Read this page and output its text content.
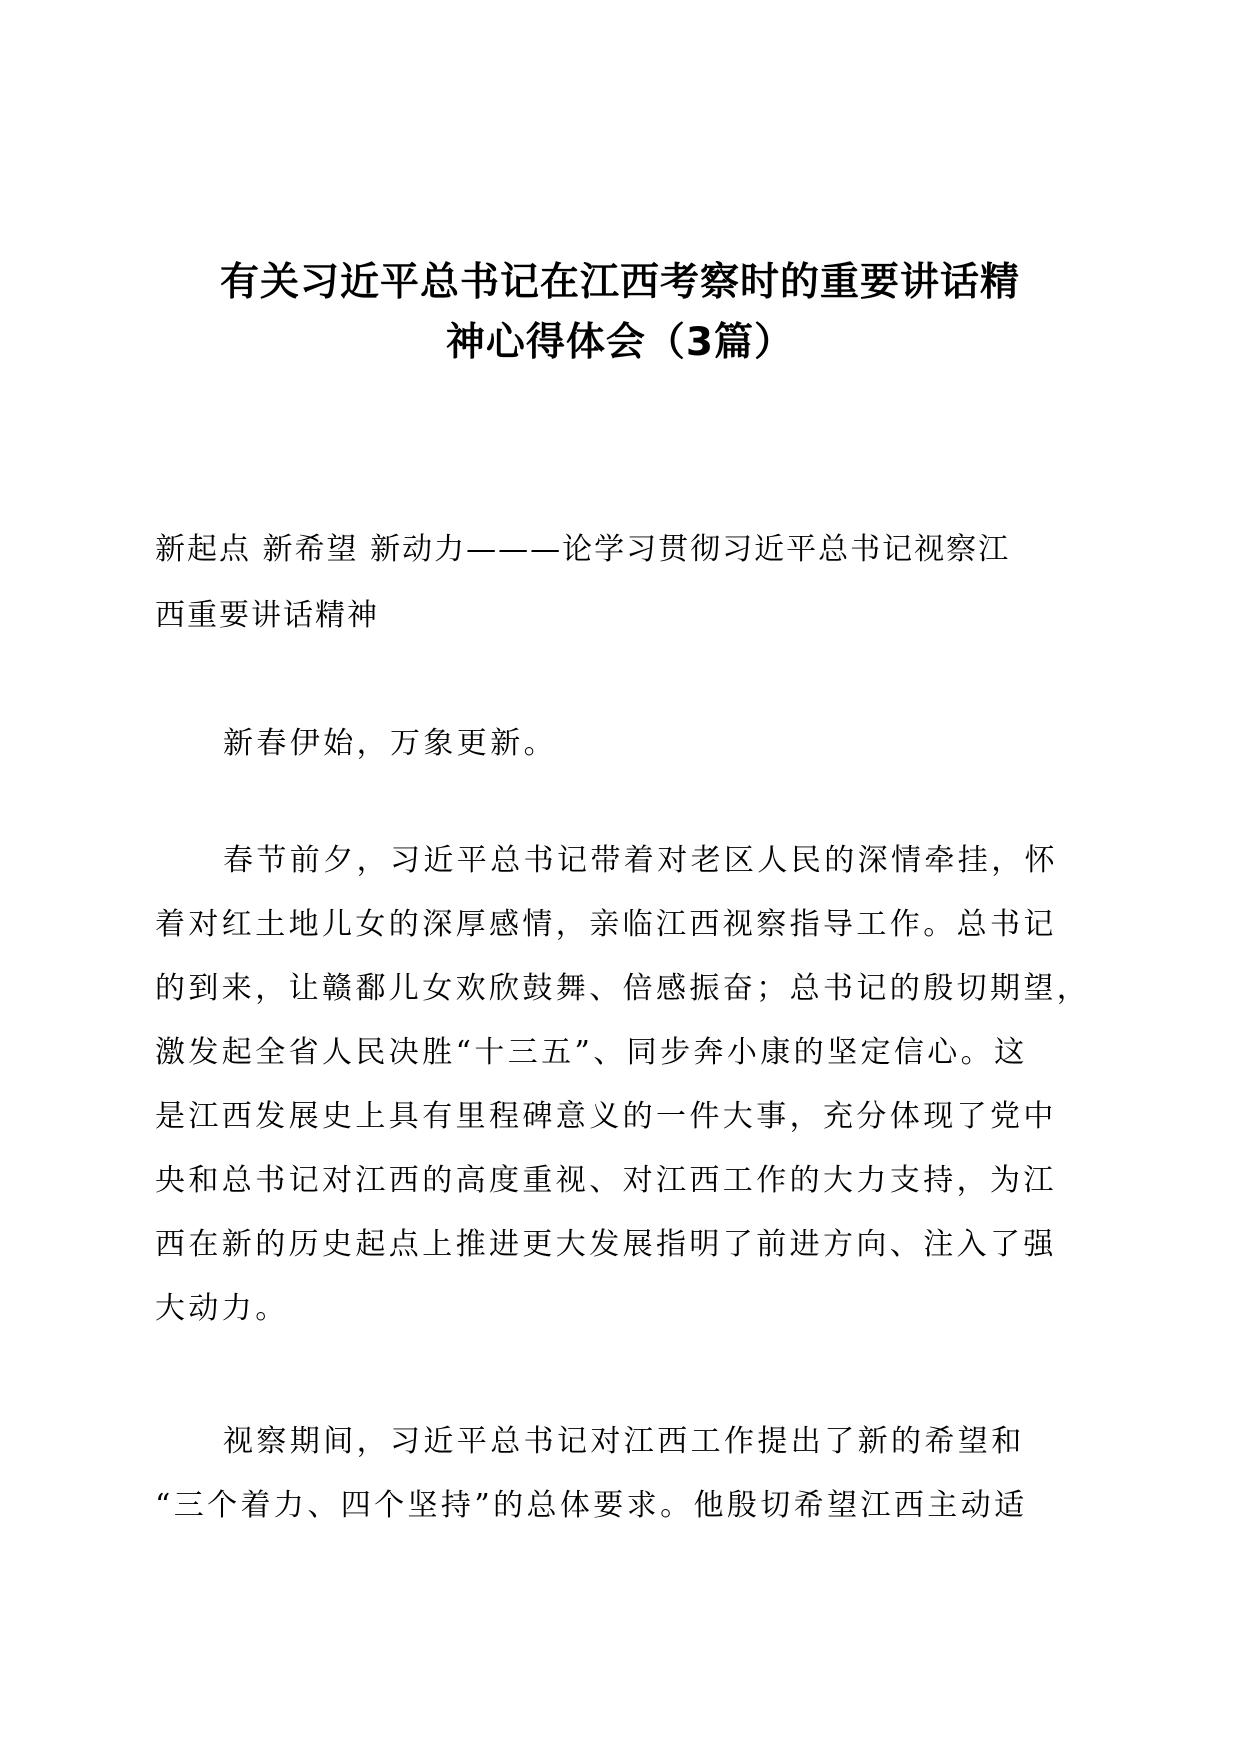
有关习近平总书记在江西考察时的重要讲话精
神心得体会（3篇）
新起点 新希望 新动力———论学习贯彻习近平总书记视察江
西重要讲话精神
新春伊始，万象更新。
春节前夕，习近平总书记带着对老区人民的深情牵挂，怀
着对红土地儿女的深厚感情，亲临江西视察指导工作。总书记
的到来，让赣鄱儿女欢欣鼓舞、倍感振奋；总书记的殷切期望，
激发起全省人民决胜“十三五”、同步奔小康的坚定信心。这
是江西发展史上具有里程碑意义的一件大事，充分体现了党中
央和总书记对江西的高度重视、对江西工作的大力支持，为江
西在新的历史起点上推进更大发展指明了前进方向、注入了强
大动力。
视察期间，习近平总书记对江西工作提出了新的希望和
“三个着力、四个坚持”的总体要求。他殷切希望江西主动适
